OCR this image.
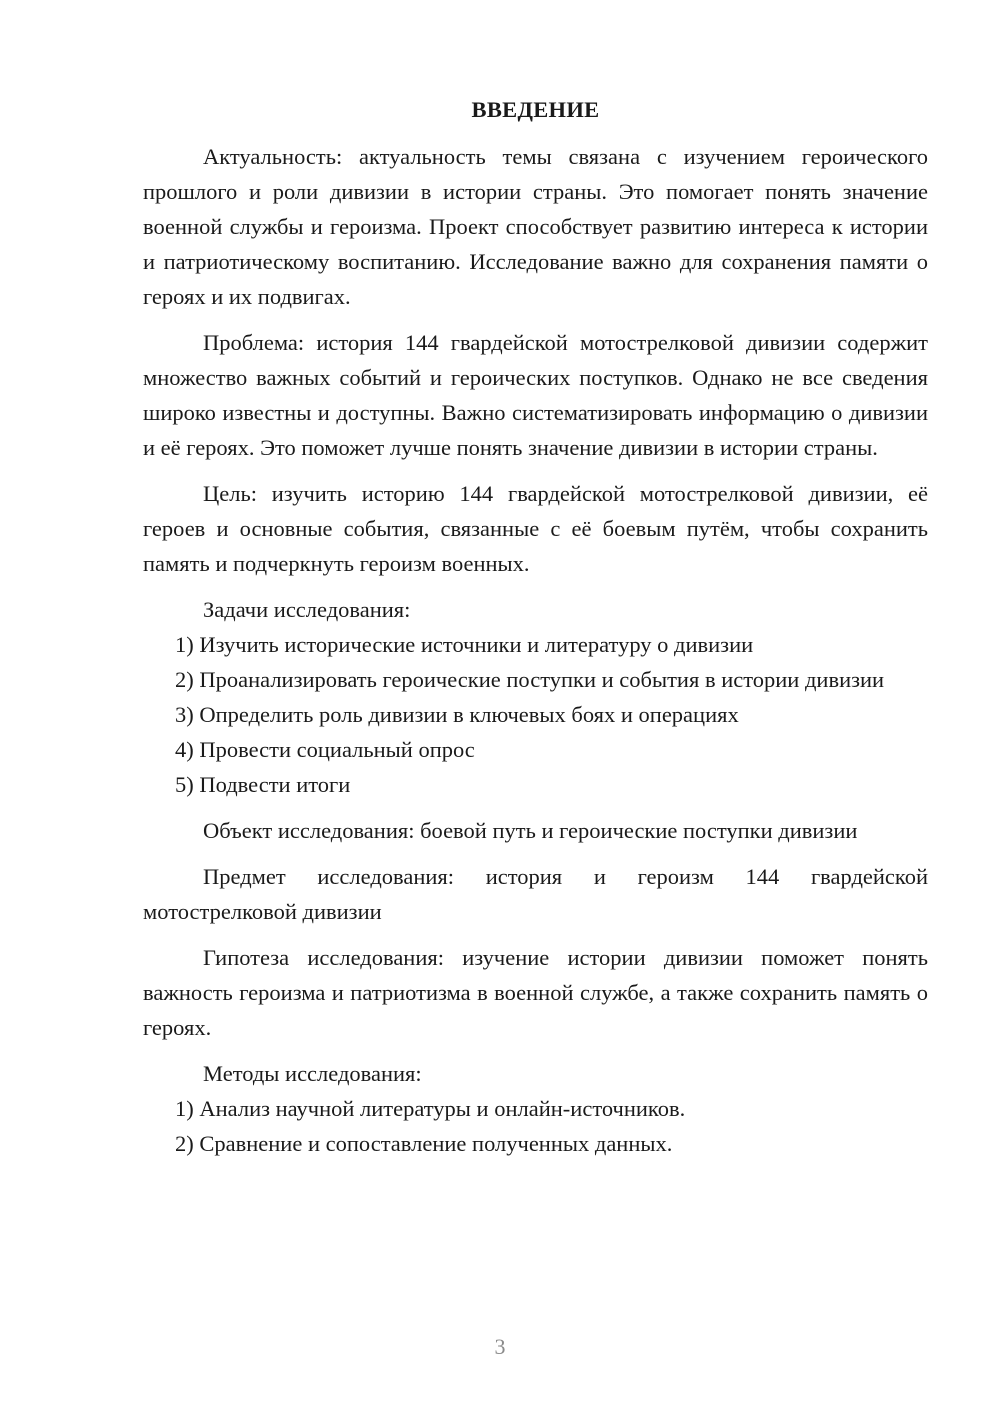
ВВЕДЕНИЕ

Актуальность: актуальность темы связана с изучением героического прошлого и роли дивизии в истории страны. Это помогает понять значение военной службы и героизма. Проект способствует развитию интереса к истории и патриотическому воспитанию. Исследование важно для сохранения памяти о героях и их подвигах.

Проблема: история 144 гвардейской мотострелковой дивизии содержит множество важных событий и героических поступков. Однако не все сведения широко известны и доступны. Важно систематизировать информацию о дивизии и её героях. Это поможет лучше понять значение дивизии в истории страны.

Цель: изучить историю 144 гвардейской мотострелковой дивизии, её героев и основные события, связанные с её боевым путём, чтобы сохранить память и подчеркнуть героизм военных.

Задачи исследования:

1) Изучить исторические источники и литературу о дивизии

2) Проанализировать героические поступки и события в истории дивизии

3) Определить роль дивизии в ключевых боях и операциях

4) Провести социальный опрос

5) Подвести итоги

Объект исследования: боевой путь и героические поступки дивизии

Предмет исследования: история и героизм 144 гвардейской мотострелковой дивизии

Гипотеза исследования: изучение истории дивизии поможет понять важность героизма и патриотизма в военной службе, а также сохранить память о героях.

Методы исследования:

1) Анализ научной литературы и онлайн-источников.

2) Сравнение и сопоставление полученных данных.

3
